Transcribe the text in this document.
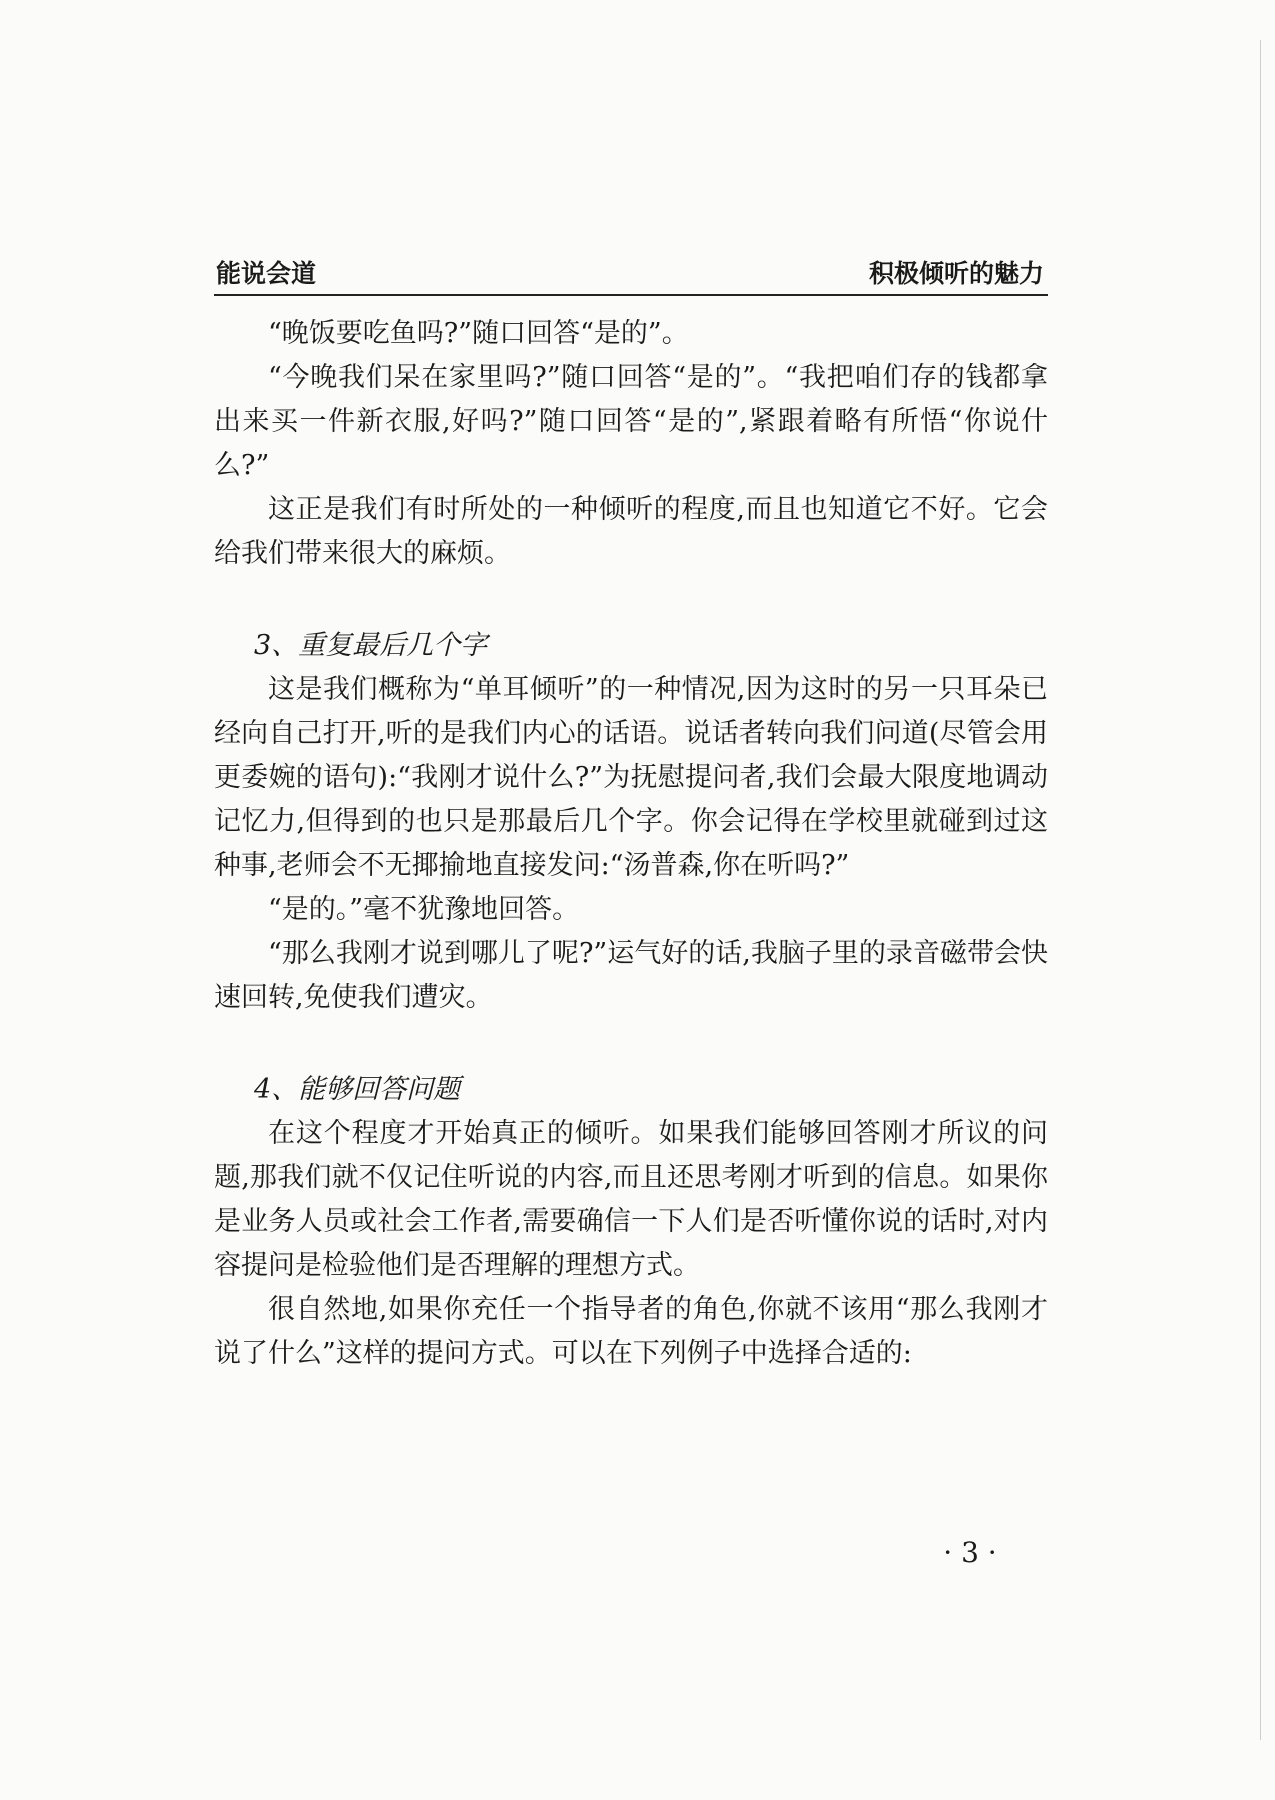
能说会道	积极倾听的魅力

“晚饭要吃鱼吗?”随口回答“是的”。

“今晚我们呆在家里吗?”随口回答“是的”。“我把咱们存的钱都拿出来买一件新衣服,好吗?”随口回答“是的”,紧跟着略有所悟“你说什么?”

这正是我们有时所处的一种倾听的程度,而且也知道它不好。它会给我们带来很大的麻烦。

3、重复最后几个字

这是我们概称为“单耳倾听”的一种情况,因为这时的另一只耳朵已经向自己打开,听的是我们内心的话语。说话者转向我们问道(尽管会用更委婉的语句):“我刚才说什么?”为抚慰提问者,我们会最大限度地调动记忆力,但得到的也只是那最后几个字。你会记得在学校里就碰到过这种事,老师会不无揶揄地直接发问:“汤普森,你在听吗?”

“是的。”毫不犹豫地回答。

“那么我刚才说到哪儿了呢?”运气好的话,我脑子里的录音磁带会快速回转,免使我们遭灾。

4、能够回答问题

在这个程度才开始真正的倾听。如果我们能够回答刚才所议的问题,那我们就不仅记住听说的内容,而且还思考刚才听到的信息。如果你是业务人员或社会工作者,需要确信一下人们是否听懂你说的话时,对内容提问是检验他们是否理解的理想方式。

很自然地,如果你充任一个指导者的角色,你就不该用“那么我刚才说了什么”这样的提问方式。可以在下列例子中选择合适的:

· 3 ·
